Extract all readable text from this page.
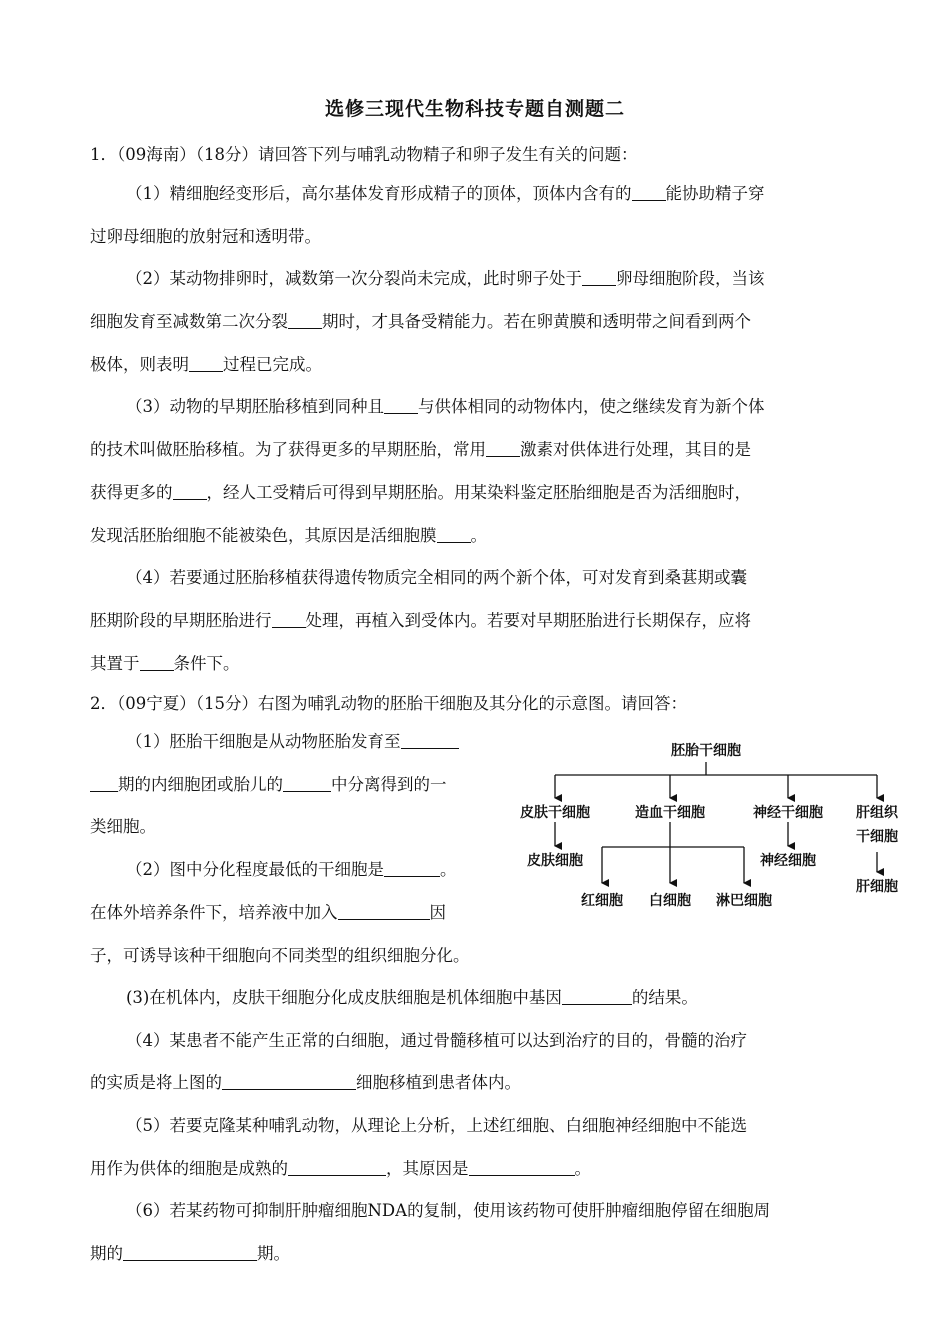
选修三现代生物科技专题自测题二
1．（09海南）（18分）请回答下列与哺乳动物精子和卵子发生有关的问题：
（1）精细胞经变形后，高尔基体发育形成精子的顶体，顶体内含有的 能协助精子穿
过卵母细胞的放射冠和透明带。
（2）某动物排卵时，减数第一次分裂尚未完成，此时卵子处于 卵母细胞阶段，当该
细胞发育至减数第二次分裂 期时，才具备受精能力。若在卵黄膜和透明带之间看到两个
极体，则表明 过程已完成。
（3）动物的早期胚胎移植到同种且 与供体相同的动物体内，使之继续发育为新个体
的技术叫做胚胎移植。为了获得更多的早期胚胎，常用 激素对供体进行处理，其目的是
获得更多的 ，经人工受精后可得到早期胚胎。用某染料鉴定胚胎细胞是否为活细胞时，
发现活胚胎细胞不能被染色，其原因是活细胞膜 。
（4）若要通过胚胎移植获得遗传物质完全相同的两个新个体，可对发育到桑葚期或囊
胚期阶段的早期胚胎进行 处理，再植入到受体内。若要对早期胚胎进行长期保存，应将
其置于 条件下。
2．（09宁夏）（15分）右图为哺乳动物的胚胎干细胞及其分化的示意图。请回答：
（1）胚胎干细胞是从动物胚胎发育至
期的内细胞团或胎儿的	中分离得到的一
类细胞。
（2）图中分化程度最低的干细胞是	。
在体外培养条件下，培养液中加入	因
子，可诱导该种干细胞向不同类型的组织细胞分化。
(3)在机体内，皮肤干细胞分化成皮肤细胞是机体细胞中基因	的结果。
（4）某患者不能产生正常的白细胞，通过骨髓移植可以达到治疗的目的，骨髓的治疗
的实质是将上图的	细胞移植到患者体内。
（5）若要克隆某种哺乳动物，从理论上分析，上述红细胞、白细胞神经细胞中不能选
用作为供体的细胞是成熟的	，其原因是	。
（6）若某药物可抑制肝肿瘤细胞NDA的复制，使用该药物可使肝肿瘤细胞停留在细胞周
期的	期。
胚胎干细胞
皮肤干细胞	造血干细胞	神经干细胞 肝组织
干细胞
皮肤细胞	神经细胞
肝细胞
红细胞 白细胞 淋巴细胞
